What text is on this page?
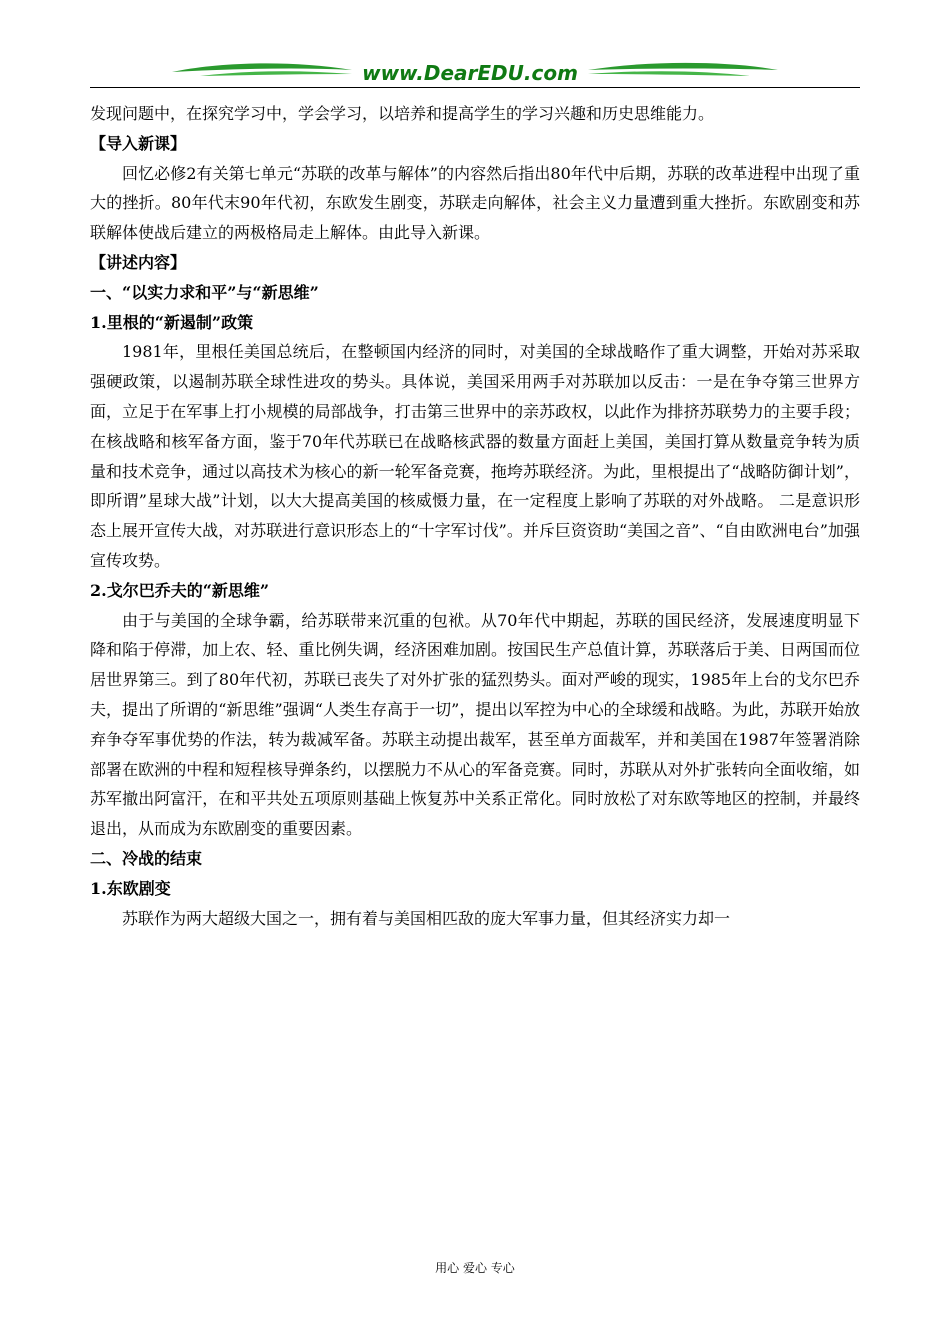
www.DearEDU.com
发现问题中，在探究学习中，学会学习，以培养和提高学生的学习兴趣和历史思维能力。
【导入新课】

回忆必修2有关第七单元“苏联的改革与解体”的内容然后指出80年代中后期，苏联的改革进程中出现了重大的挫折。80年代末90年代初，东欧发生剧变，苏联走向解体，社会主义力量遭到重大挫折。东欧剧变和苏联解体使战后建立的两极格局走上解体。由此导入新课。

【讲述内容】
一、“以实力求和平”与“新思维”
1.里根的“新遏制”政策

1981年，里根任美国总统后，在整顿国内经济的同时，对美国的全球战略作了重大调整，开始对苏采取强硬政策，以遏制苏联全球性进攻的势头。具体说，美国采用两手对苏联加以反击：一是在争夺第三世界方面，立足于在军事上打小规模的局部战争，打击第三世界中的亲苏政权，以此作为排挤苏联势力的主要手段；在核战略和核军备方面，鉴于70年代苏联已在战略核武器的数量方面赶上美国，美国打算从数量竞争转为质量和技术竞争，通过以高技术为核心的新一轮军备竞赛，拖垮苏联经济。为此，里根提出了“战略防御计划”，即所谓”星球大战”计划，以大大提高美国的核威慑力量，在一定程度上影响了苏联的对外战略。 二是意识形态上展开宣传大战，对苏联进行意识形态上的“十字军讨伐”。并斥巨资资助“美国之音”、“自由欧洲电台”加强宣传攻势。

2.戈尔巴乔夫的“新思维”

由于与美国的全球争霸，给苏联带来沉重的包袱。从70年代中期起，苏联的国民经济，发展速度明显下降和陷于停滞，加上农、轻、重比例失调，经济困难加剧。按国民生产总值计算，苏联落后于美、日两国而位居世界第三。到了80年代初，苏联已丧失了对外扩张的猛烈势头。面对严峻的现实，1985年上台的戈尔巴乔夫，提出了所谓的“新思维”强调“人类生存高于一切”，提出以军控为中心的全球缓和战略。为此，苏联开始放弃争夺军事优势的作法，转为裁减军备。苏联主动提出裁军，甚至单方面裁军，并和美国在1987年签署消除部署在欧洲的中程和短程核导弹条约，以摆脱力不从心的军备竞赛。同时，苏联从对外扩张转向全面收缩，如苏军撤出阿富汗，在和平共处五项原则基础上恢复苏中关系正常化。同时放松了对东欧等地区的控制，并最终退出，从而成为东欧剧变的重要因素。

二、冷战的结束
1.东欧剧变

苏联作为两大超级大国之一，拥有着与美国相匹敌的庞大军事力量，但其经济实力却一

用心 爱心 专心
